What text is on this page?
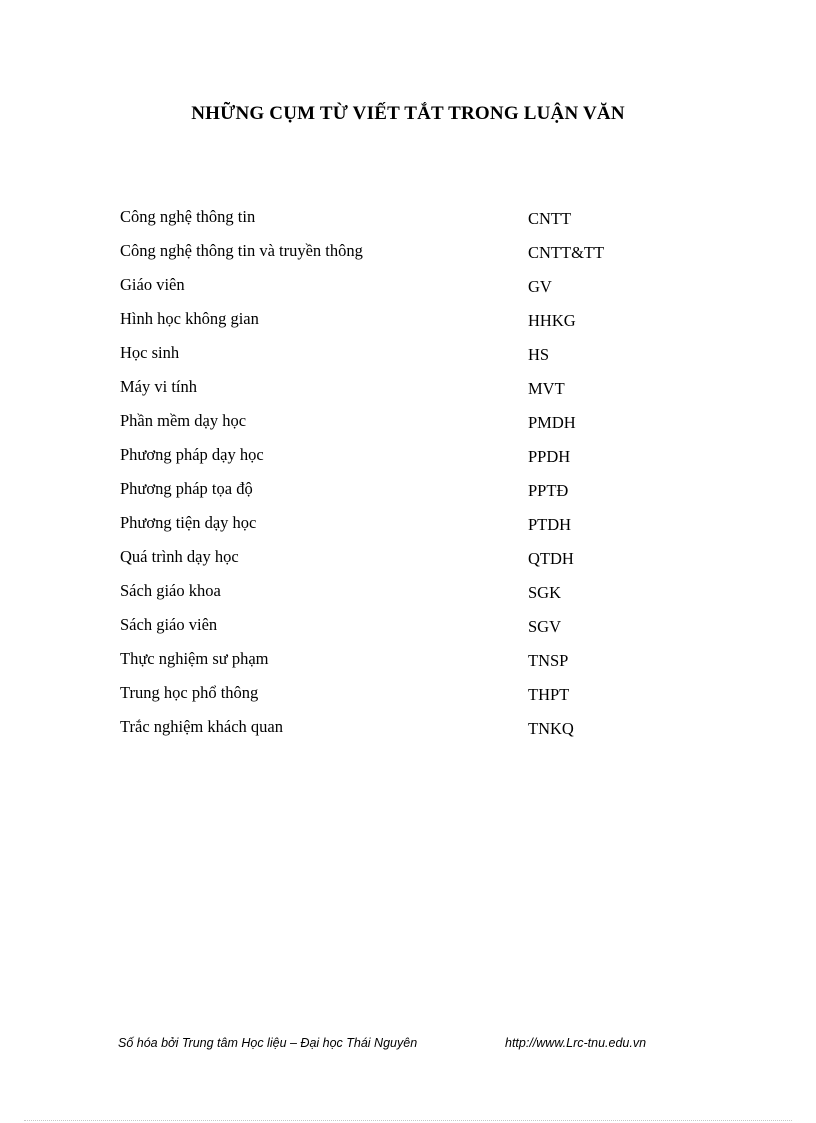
NHỮNG CỤM TỪ VIẾT TẮT TRONG LUẬN VĂN
Công nghệ thông tin	CNTT
Công nghệ thông tin và truyền thông	CNTT&TT
Giáo viên	GV
Hình học không gian	HHKG
Học sinh	HS
Máy vi tính	MVT
Phần mềm dạy học	PMDH
Phương pháp dạy học	PPDH
Phương pháp tọa độ	PPTĐ
Phương tiện dạy học	PTDH
Quá trình dạy học	QTDH
Sách giáo khoa	SGK
Sách giáo viên	SGV
Thực nghiệm sư phạm	TNSP
Trung học phổ thông	THPT
Trắc nghiệm khách quan	TNKQ
Số hóa bởi Trung tâm Học liệu – Đại học Thái Nguyên	http://www.Lrc-tnu.edu.vn
